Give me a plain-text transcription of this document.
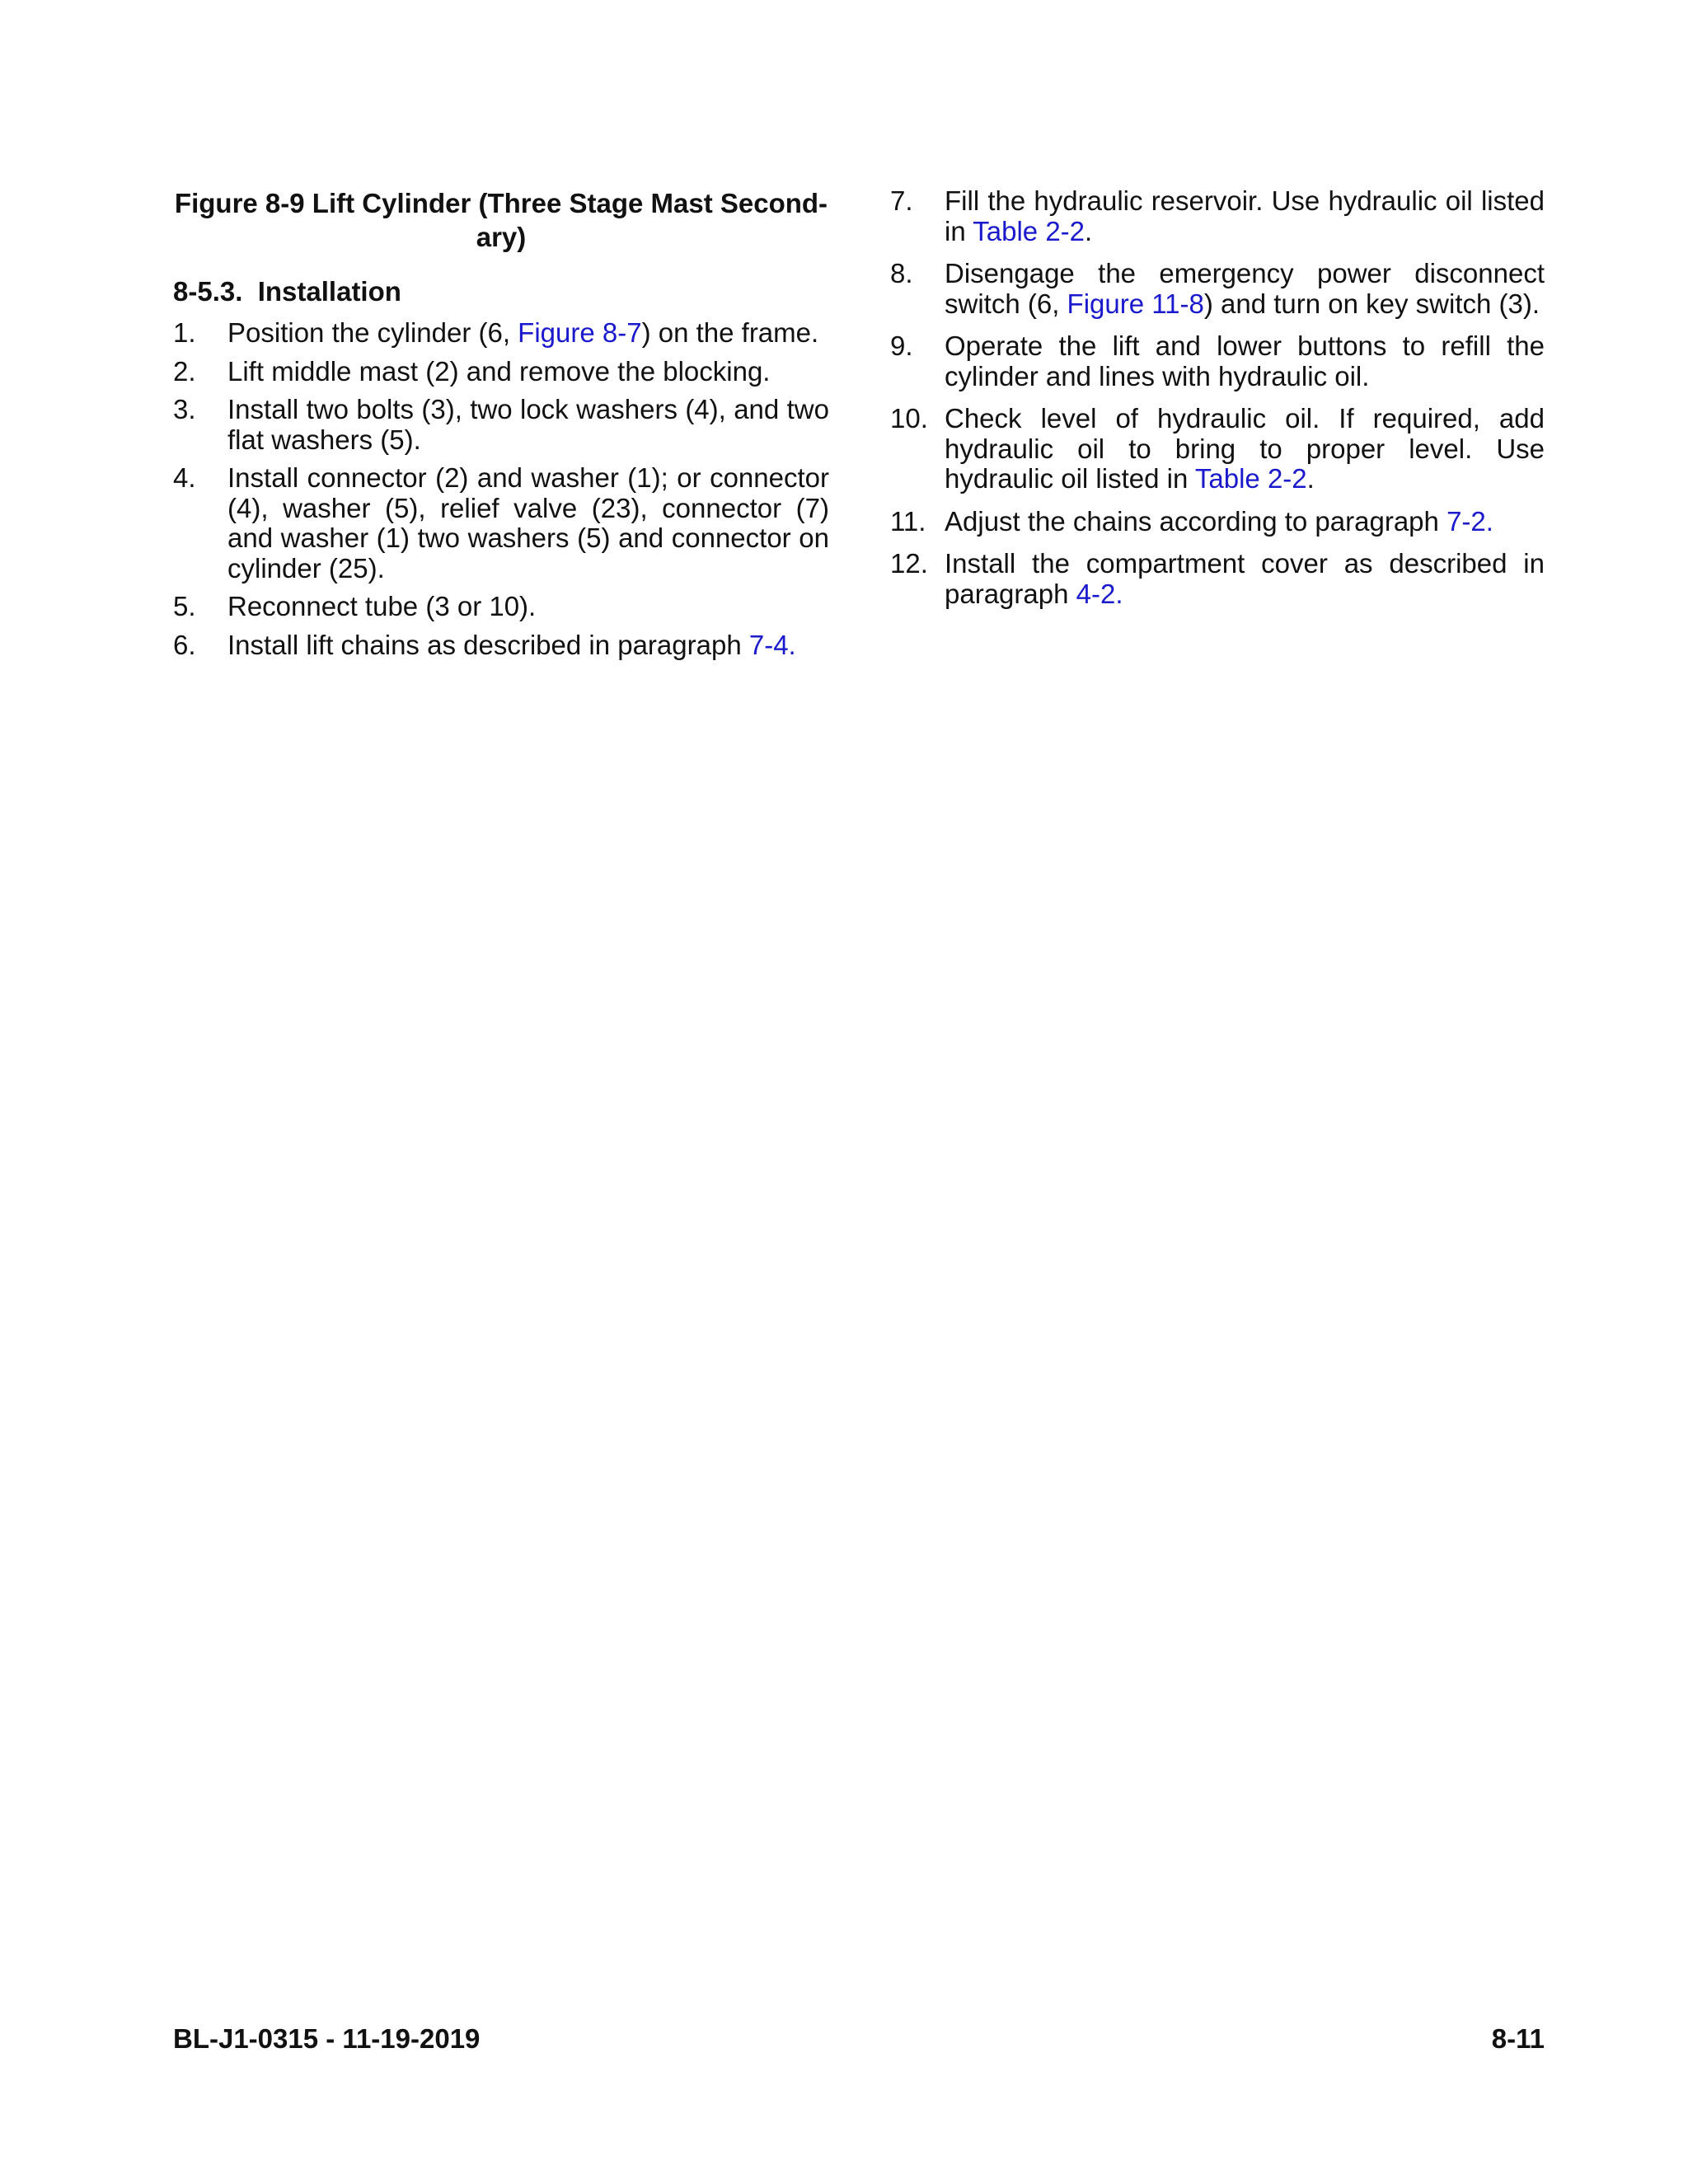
Figure 8-9 Lift Cylinder (Three Stage Mast Second-ary)

8-5.3. Installation
1. Position the cylinder (6, Figure 8-7) on the frame.
2. Lift middle mast (2) and remove the blocking.
3. Install two bolts (3), two lock washers (4), and two flat washers (5).
4. Install connector (2) and washer (1); or connector (4), washer (5), relief valve (23), connector (7) and washer (1) two washers (5) and connector on cylinder (25).
5. Reconnect tube (3 or 10).
6. Install lift chains as described in paragraph 7-4.
7. Fill the hydraulic reservoir. Use hydraulic oil listed in Table 2-2.
8. Disengage the emergency power disconnect switch (6, Figure 11-8) and turn on key switch (3).
9. Operate the lift and lower buttons to refill the cylinder and lines with hydraulic oil.
10. Check level of hydraulic oil. If required, add hydraulic oil to bring to proper level. Use hydraulic oil listed in Table 2-2.
11. Adjust the chains according to paragraph 7-2.
12. Install the compartment cover as described in paragraph 4-2.
BL-J1-0315 - 11-19-2019	8-11
